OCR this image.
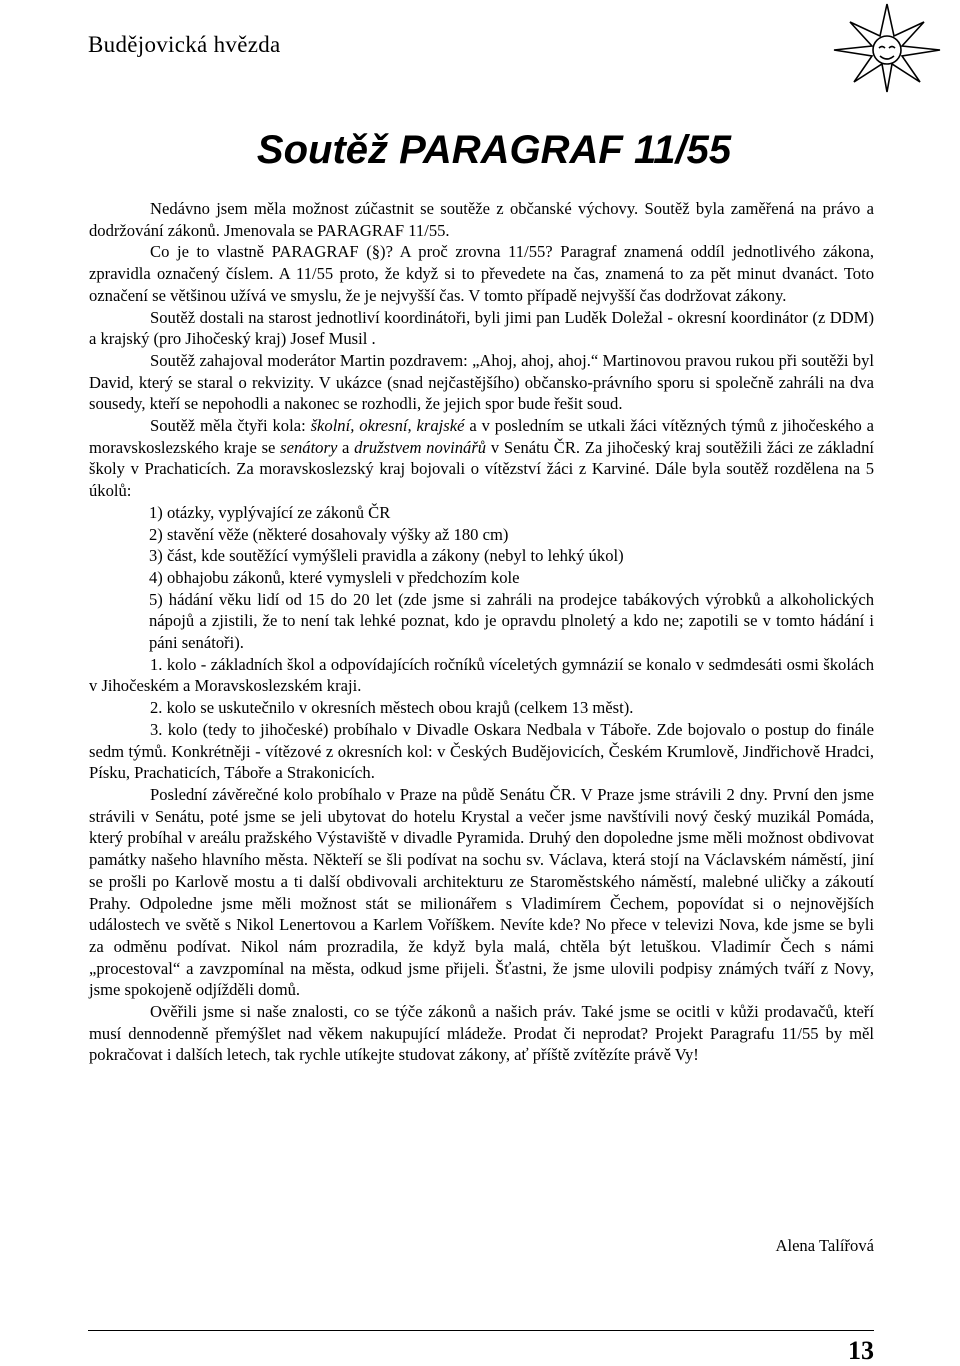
Budějovická hvězda
Soutěž PARAGRAF 11/55

Nedávno jsem měla možnost zúčastnit se soutěže z občanské výchovy. Soutěž byla zaměřená na právo a dodržování zákonů. Jmenovala se PARAGRAF 11/55.

Co je to vlastně PARAGRAF (§)? A proč zrovna 11/55? Paragraf znamená oddíl jednotlivého zákona, zpravidla označený číslem. A 11/55 proto, že když si to převedete na čas, znamená to za pět minut dvanáct. Toto označení se většinou užívá ve smyslu, že je nejvyšší čas. V tomto případě nejvyšší čas dodržovat zákony.

Soutěž dostali na starost jednotliví koordinátoři, byli jimi pan Luděk Doležal - okresní koordinátor (z DDM) a krajský (pro Jihočeský kraj) Josef Musil .

Soutěž zahajoval moderátor Martin pozdravem: „Ahoj, ahoj, ahoj.“ Martinovou pravou rukou při soutěži byl David, který se staral o rekvizity. V ukázce (snad nejčastějšího) občansko-právního sporu si společně zahráli na dva sousedy, kteří se nepohodli a nakonec se rozhodli, že jejich spor bude řešit soud.

Soutěž měla čtyři kola: školní, okresní, krajské a v posledním se utkali žáci vítězných týmů z jihočeského a moravskoslezského kraje se senátory a družstvem novinářů v Senátu ČR. Za jihočeský kraj soutěžili žáci ze základní školy v Prachaticích. Za moravskoslezský kraj bojovali o vítězství žáci z Karviné. Dále byla soutěž rozdělena na 5 úkolů:

1) otázky, vyplývající ze zákonů ČR
2) stavění věže (některé dosahovaly výšky až 180 cm)
3) část, kde soutěžící vymýšleli pravidla a zákony (nebyl to lehký úkol)
4) obhajobu zákonů, které vymysleli v předchozím kole
5) hádání věku lidí od 15 do 20 let (zde jsme si zahráli na prodejce tabákových výrobků a alkoholických nápojů a zjistili, že to není tak lehké poznat, kdo je opravdu plnoletý a kdo ne; zapotili se v tomto hádání i páni senátoři).

1. kolo - základních škol a odpovídajících ročníků víceletých gymnázií se konalo v sedmdesáti osmi školách v Jihočeském a Moravskoslezském kraji.

2. kolo se uskutečnilo v okresních městech obou krajů (celkem 13 měst).

3. kolo (tedy to jihočeské) probíhalo v Divadle Oskara Nedbala v Táboře. Zde bojovalo o postup do finále sedm týmů. Konkrétněji - vítězové z okresních kol: v Českých Budějovicích, Českém Krumlově, Jindřichově Hradci, Písku, Prachaticích, Táboře a Strakonicích.

Poslední závěrečné kolo probíhalo v Praze na půdě Senátu ČR. V Praze jsme strávili 2 dny. První den jsme strávili v Senátu, poté jsme se jeli ubytovat do hotelu Krystal a večer jsme navštívili nový český muzikál Pomáda, který probíhal v areálu pražského Výstaviště v divadle Pyramida. Druhý den dopoledne jsme měli možnost obdivovat památky našeho hlavního města. Někteří se šli podívat na sochu sv. Václava, která stojí na Václavském náměstí, jiní se prošli po Karlově mostu a ti další obdivovali architekturu ze Staroměstského náměstí, malebné uličky a zákoutí Prahy. Odpoledne jsme měli možnost stát se milionářem s Vladimírem Čechem, popovídat si o nejnovějších událostech ve světě s Nikol Lenertovou a Karlem Voříškem. Nevíte kde? No přece v televizi Nova, kde jsme se byli za odměnu podívat. Nikol nám prozradila, že když byla malá, chtěla být letuškou. Vladimír Čech s námi „procestoval“ a zavzpomínal na města, odkud jsme přijeli. Šťastni, že jsme ulovili podpisy známých tváří z Novy, jsme spokojeně odjížděli domů.

Ověřili jsme si naše znalosti, co se týče zákonů a našich práv. Také jsme se ocitli v kůži prodavačů, kteří musí dennodenně přemýšlet nad věkem nakupující mládeže. Prodat či neprodat? Projekt Paragrafu 11/55 by měl pokračovat i dalších letech, tak rychle utíkejte studovat zákony, ať příště zvítězíte právě Vy!

Alena Talířová
13
